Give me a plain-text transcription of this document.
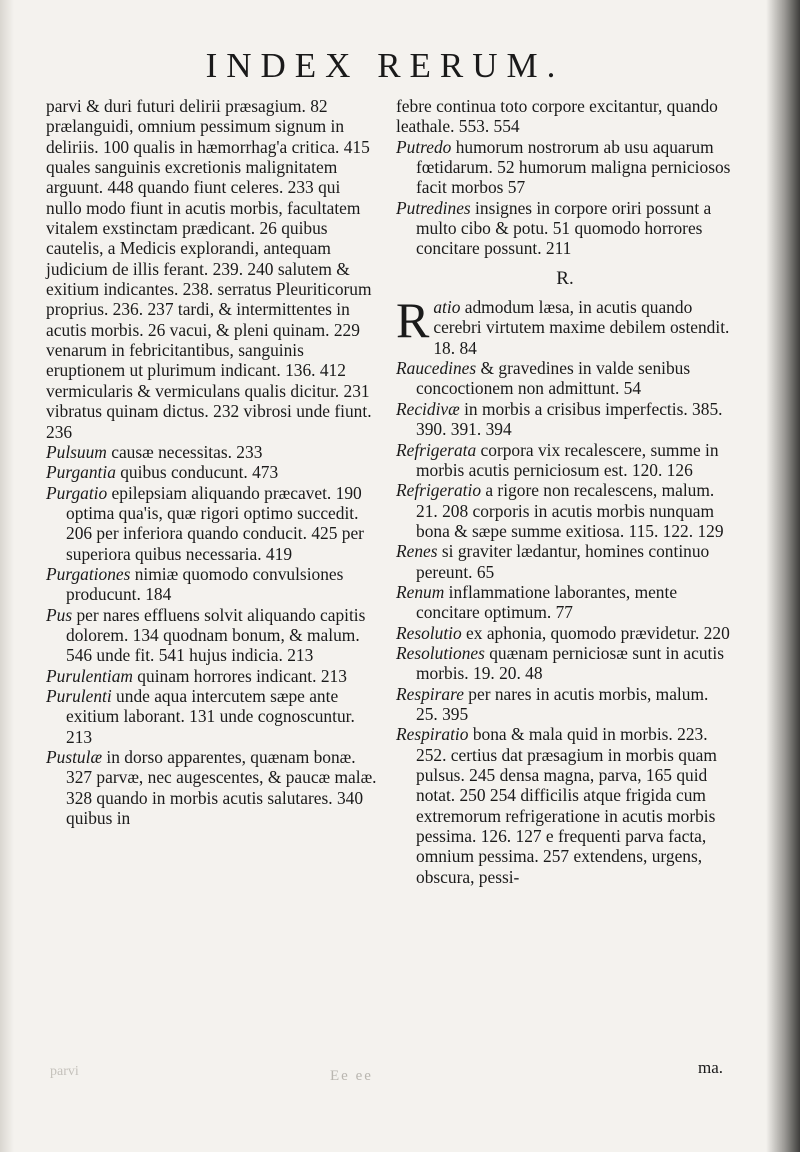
INDEX RERUM.

parvi & duri futuri delirii præsagium. 82 prælanguidi, omnium pessimum signum in deliriis. 100 qualis in hæmorrhag'a critica. 415 quales sanguinis excretionis malignitatem arguunt. 448 quando fiunt celeres. 233 qui nullo modo fiunt in acutis morbis, facultatem vitalem exstinctam prædicant. 26 quibus cautelis, a Medicis explorandi, antequam judicium de illis ferant. 239. 240 salutem & exitium indicantes. 238. serratus Pleuriticorum proprius. 236. 237 tardi, & intermittentes in acutis morbis. 26 vacui, & pleni quinam. 229 venarum in febricitantibus, sanguinis eruptionem ut plurimum indicant. 136. 412 vermicularis & vermiculans qualis dicitur. 231 vibratus quinam dictus. 232 vibrosi unde fiunt. 236

Pulsuum causæ necessitas. 233

Purgantia quibus conducunt. 473

Purgatio epilepsiam aliquando præcavet. 190 optima qua'is, quæ rigori optimo succedit. 206 per inferiora quando conducit. 425 per superiora quibus necessaria. 419

Purgationes nimiæ quomodo convulsiones producunt. 184

Pus per nares effluens solvit aliquando capitis dolorem. 134 quodnam bonum, & malum. 546 unde fit. 541 hujus indicia. 213

Purulentiam quinam horrores indicant. 213

Purulenti unde aqua intercutem sæpe ante exitium laborant. 131 unde cognoscuntur. 213

Pustulæ in dorso apparentes, quænam bonæ. 327 parvæ, nec augescentes, & paucæ malæ. 328 quando in morbis acutis salutares. 340 quibus in

febre continua toto corpore excitantur, quando leathale. 553. 554

Putredo humorum nostrorum ab usu aquarum fœtidarum. 52 humorum maligna perniciosos facit morbos 57

Putredines insignes in corpore oriri possunt a multo cibo & potu. 51 quomodo horrores concitare possunt. 211

R.

Ratio admodum læsa, in acutis quando cerebri virtutem maxime debilem ostendit. 18. 84

Raucedines & gravedines in valde senibus concoctionem non admittunt. 54

Recidivæ in morbis a crisibus imperfectis. 385. 390. 391. 394

Refrigerata corpora vix recalescere, summe in morbis acutis perniciosum est. 120. 126

Refrigeratio a rigore non recalescens, malum. 21. 208 corporis in acutis morbis nunquam bona & sæpe summe exitiosa. 115. 122. 129

Renes si graviter lædantur, homines continuo pereunt. 65

Renum inflammatione laborantes, mente concitare optimum. 77

Resolutio ex aphonia, quomodo prævidetur. 220

Resolutiones quænam perniciosæ sunt in acutis morbis. 19. 20. 48

Respirare per nares in acutis morbis, malum. 25. 395

Respiratio bona & mala quid in morbis. 223. 252. certius dat præsagium in morbis quam pulsus. 245 densa magna, parva, 165 quid notat. 250 254 difficilis atque frigida cum extremorum refrigeratione in acutis morbis pessima. 126. 127 e frequenti parva facta, omnium pessima. 257 extendens, urgens, obscura, pessi-

ma.
Ee ee
parvi
